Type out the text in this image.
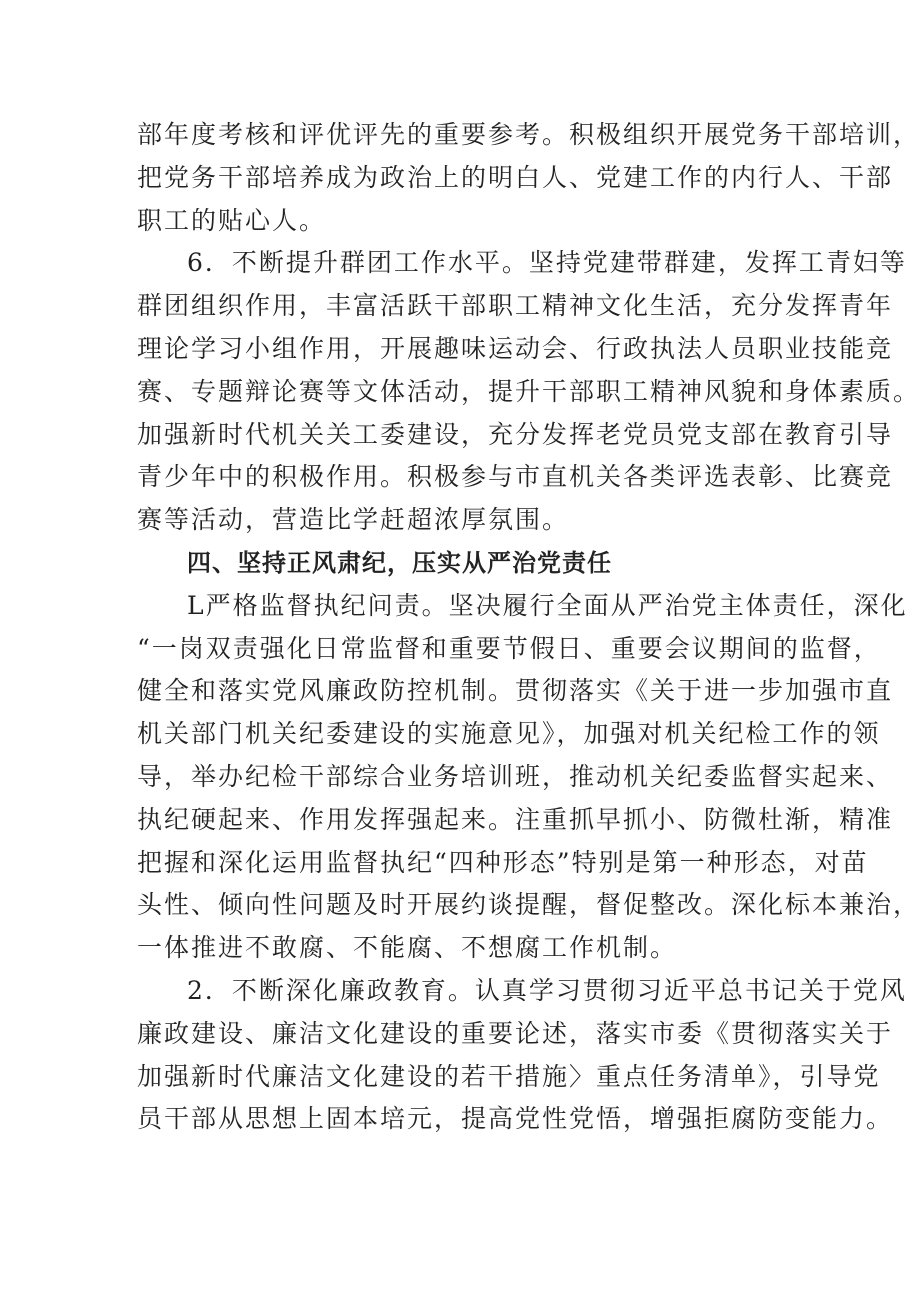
部年度考核和评优评先的重要参考。积极组织开展党务干部培训，
把党务干部培养成为政治上的明白人、党建工作的内行人、干部
职工的贴心人。

6．不断提升群团工作水平。坚持党建带群建，发挥工青妇等
群团组织作用，丰富活跃干部职工精神文化生活，充分发挥青年
理论学习小组作用，开展趣味运动会、行政执法人员职业技能竞
赛、专题辩论赛等文体活动，提升干部职工精神风貌和身体素质。
加强新时代机关关工委建设，充分发挥老党员党支部在教育引导
青少年中的积极作用。积极参与市直机关各类评选表彰、比赛竞
赛等活动，营造比学赶超浓厚氛围。

四、坚持正风肃纪，压实从严治党责任

L严格监督执纪问责。坚决履行全面从严治党主体责任，深化
“一岗双责强化日常监督和重要节假日、重要会议期间的监督，
健全和落实党风廉政防控机制。贯彻落实《关于进一步加强市直
机关部门机关纪委建设的实施意见》，加强对机关纪检工作的领
导，举办纪检干部综合业务培训班，推动机关纪委监督实起来、
执纪硬起来、作用发挥强起来。注重抓早抓小、防微杜渐，精准
把握和深化运用监督执纪“四种形态”特别是第一种形态，对苗
头性、倾向性问题及时开展约谈提醒，督促整改。深化标本兼治，
一体推进不敢腐、不能腐、不想腐工作机制。

2．不断深化廉政教育。认真学习贯彻习近平总书记关于党风
廉政建设、廉洁文化建设的重要论述，落实市委《贯彻落实关于
加强新时代廉洁文化建设的若干措施〉重点任务清单》，引导党
员干部从思想上固本培元，提高党性党悟，增强拒腐防变能力。
